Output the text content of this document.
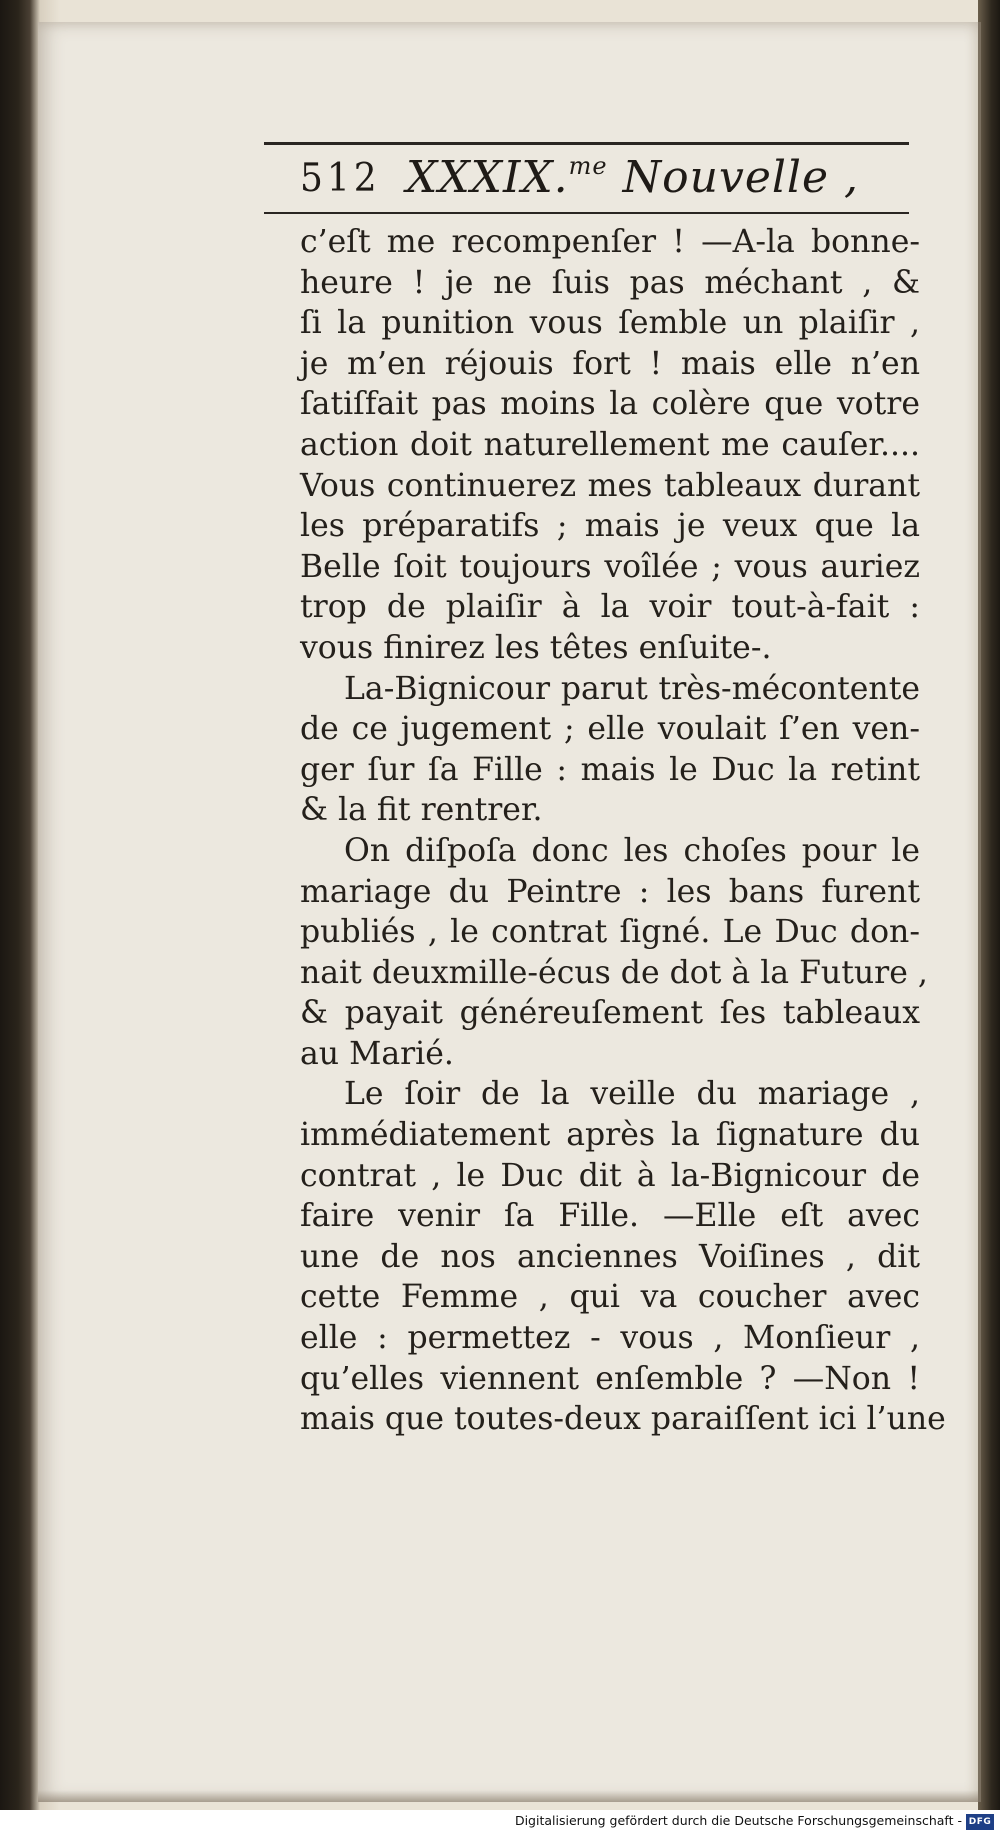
512 XXXIX.$^{me}$ Nouvelle ,
c’eſt me recompenſer ! —A-la bonne-
heure ! je ne ſuis pas méchant , &
ſi la punition vous ſemble un plaiſir ,
je m’en réjouis fort ! mais elle n’en
ſatiſfait pas moins la colère que votre
action doit naturellement me cauſer....
Vous continuerez mes tableaux durant
les préparatifs ; mais je veux que la
Belle ſoit toujours voîlée ; vous auriez
trop de plaiſir à la voir tout-à-fait :
vous finirez les têtes enſuite-.
La-Bignicour parut très-mécontente
de ce jugement ; elle voulait ſ’en ven-
ger ſur ſa Fille : mais le Duc la retint
& la fit rentrer.
On diſpoſa donc les choſes pour le
mariage du Peintre : les bans furent
publiés , le contrat ſigné. Le Duc don-
nait deuxmille-écus de dot à la Future ,
& payait généreuſement ſes tableaux
au Marié.
Le ſoir de la veille du mariage ,
immédiatement après la ſignature du
contrat , le Duc dit à la-Bignicour de
faire venir ſa Fille. —Elle eſt avec
une de nos anciennes Voiſines , dit
cette Femme , qui va coucher avec
elle : permettez - vous , Monſieur ,
qu’elles viennent enſemble ? —Non !
mais que toutes-deux paraiſſent ici l’une
Digitalisierung gefördert durch die Deutsche Forschungsgemeinschaft - DFG
